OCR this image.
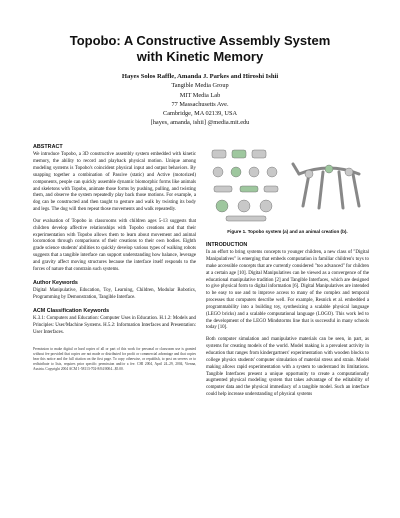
Topobo: A Constructive Assembly System
with Kinetic Memory
Hayes Solos Raffle, Amanda J. Parkes and Hiroshi Ishii
Tangible Media Group
MIT Media Lab
77 Massachusetts Ave.
Cambridge, MA 02139, USA
[hayes, amanda, ishii] @media.mit.edu
ABSTRACT

We introduce Topobo, a 3D constructive assembly system embedded with kinetic memory, the ability to record and playback physical motion. Unique among modeling systems is Topobo's coincident physical input and output behaviors. By snapping together a combination of Passive (static) and Active (motorized) components, people can quickly assemble dynamic biomorphic forms like animals and skeletons with Topobo, animate those forms by pushing, pulling, and twisting them, and observe the system repeatedly play back those motions. For example, a dog can be constructed and then taught to gesture and walk by twisting its body and legs. The dog will then repeat those movements and walk repeatedly.

Our evaluation of Topobo in classrooms with children ages 5-13 suggests that children develop affective relationships with Topobo creations and that their experimentation with Topobo allows them to learn about movement and animal locomotion through comparisons of their creations to their own bodies. Eighth grade science students' abilities to quickly develop various types of walking robots suggests that a tangible interface can support understanding how balance, leverage and gravity affect moving structures because the interface itself responds to the forces of nature that constrain such systems.

Author Keywords

Digital Manipulative, Education, Toy, Learning, Children, Modular Robotics, Programming by Demonstration, Tangible Interface.

ACM Classification Keywords

K.3.1: Computers and Education: Computer Uses in Education. H.1.2: Models and Principles: User/Machine Systems. H.5.2: Information Interfaces and Presentation: User Interfaces.

Permission to make digital or hard copies of all or part of this work for personal or classroom use is granted without fee provided that copies are not made or distributed for profit or commercial advantage and that copies bear this notice and the full citation on the first page. To copy otherwise, or republish, to post on servers or to redistribute to lists, requires prior specific permission and/or a fee. CHI 2004, April 24–29, 2004, Vienna, Austria. Copyright 2004 ACM 1-58113-702-8/04/0004...$5.00.
Figure 1. Topobo system (a) and an animal creation (b).
INTRODUCTION

In an effort to bring systems concepts to younger children, a new class of "Digital Manipulatives" is emerging that embeds computation in familiar children's toys to make accessible concepts that are currently considered "too advanced" for children at a certain age [10]. Digital Manipulatives can be viewed as a convergence of the educational manipulative tradition [2] and Tangible Interfaces, which are designed to give physical form to digital information [6]. Digital Manipulatives are intended to be easy to use and to improve access to many of the complex and temporal processes that computers describe well. For example, Resnick et al. embedded a programmability into a building toy, synthesizing a scalable physical language (LEGO bricks) and a scalable computational language (LOGO). This work led to the development of the LEGO Mindstorms line that is successful in many schools today [10].

Both computer simulation and manipulative materials can be seen, in part, as systems for creating models of the world. Model making is a prevalent activity in education that ranges from kindergartners' experimentation with wooden blocks to college physics students' computer simulation of material stress and strain. Model making allows rapid experimentation with a system to understand its limitations. Tangible Interfaces present a unique opportunity to create a computationally augmented physical modeling system that takes advantage of the editability of computer data and the physical immediacy of a tangible model. Such an interface could help increase understanding of physical systems
